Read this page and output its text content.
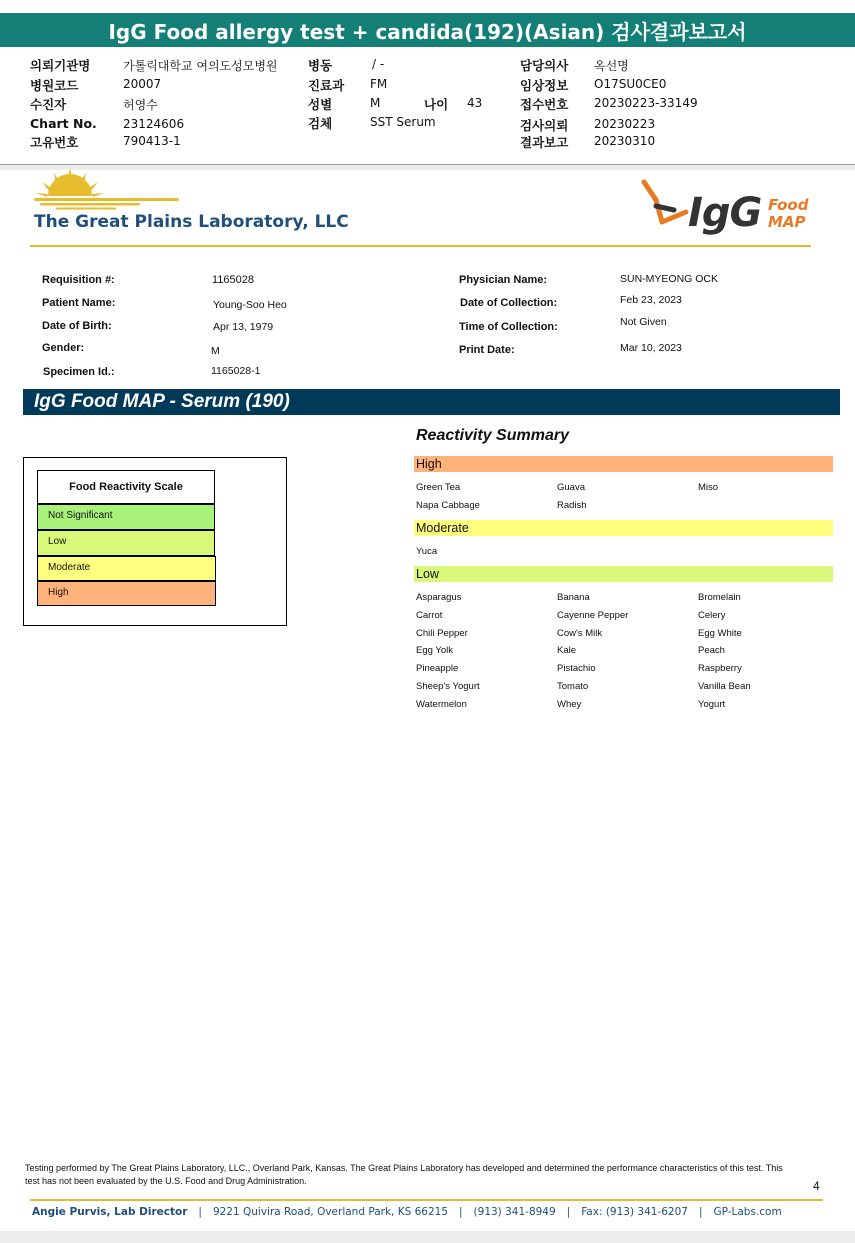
IgG Food allergy test + candida(192)(Asian) 검사결과보고서
의뢰기관명	가톨릭대학교 여의도성모병원
병원코드	20007
수진자	허영수
Chart No. 23124606
고유번호	790413-1
병동	/ -
진료과 FM
성별	M	나이 43
검체	SST Serum
담당의사 옥선명
임상정보 O17SU0CE0
접수번호 20230223-33149
검사의뢰 20230223
결과보고 20230310
The Great Plains Laboratory, LLC	IgG Food
MAP
Requisition #:	1165028
Patient Name:	Young-Soo Heo
Date of Birth:	Apr 13, 1979
Gender:	M
Specimen Id.:	1165028-1
Physician Name:	SUN-MYEONG OCK
Date of Collection:	Feb 23, 2023
Time of Collection:	Not Given
Print Date:	Mar 10, 2023
IgG Food MAP - Serum (190)
Food Reactivity Scale
Not Significant
Low
Moderate
High
Reactivity Summary
High
Green Tea	Guava	Miso
Napa Cabbage	Radish
Moderate
Yuca
Low
Asparagus	Banana	Bromelain
Carrot	Cayenne Pepper	Celery
Chili Pepper	Cow's Milk	Egg White
Egg Yolk	Kale	Peach
Pineapple	Pistachio	Raspberry
Sheep's Yogurt	Tomato	Vanilla Bean
Watermelon	Whey	Yogurt
Testing performed by The Great Plains Laboratory, LLC., Overland Park, Kansas. The Great Plains Laboratory has developed and determined the performance characteristics of this test. This test has not been evaluated by the U.S. Food and Drug Administration.	4
Angie Purvis, Lab Director | 9221 Quivira Road, Overland Park, KS 66215 | (913) 341-8949 | Fax: (913) 341-6207 | GP-Labs.com
